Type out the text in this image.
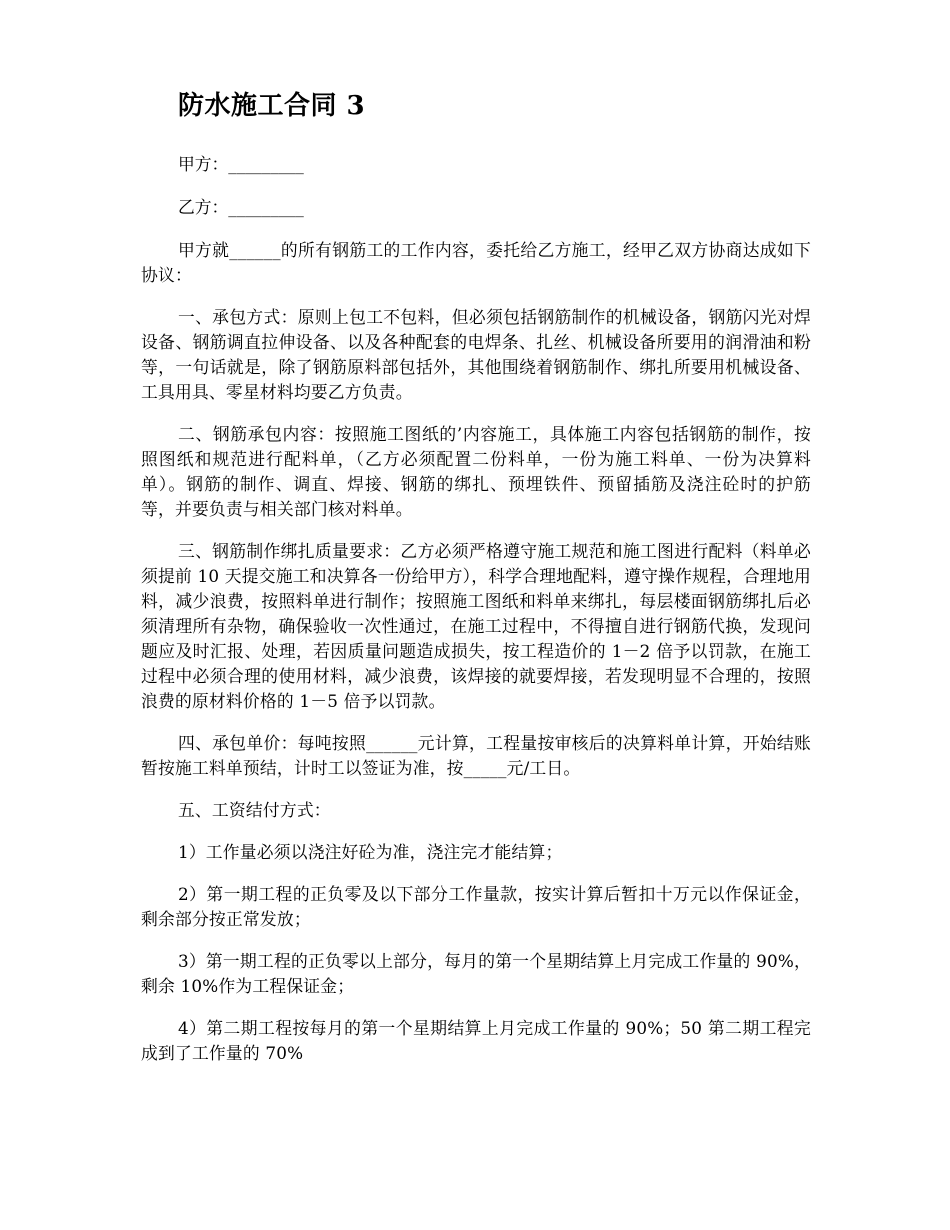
防水施工合同 3

甲方：_________

乙方：_________

甲方就______的所有钢筋工的工作内容，委托给乙方施工，经甲乙双方协商达成如下协议：

一、承包方式：原则上包工不包料，但必须包括钢筋制作的机械设备，钢筋闪光对焊设备、钢筋调直拉伸设备、以及各种配套的电焊条、扎丝、机械设备所要用的润滑油和粉等，一句话就是，除了钢筋原料部包括外，其他围绕着钢筋制作、绑扎所要用机械设备、工具用具、零星材料均要乙方负责。

二、钢筋承包内容：按照施工图纸的’内容施工，具体施工内容包括钢筋的制作，按照图纸和规范进行配料单，（乙方必须配置二份料单，一份为施工料单、一份为决算料单）。钢筋的制作、调直、焊接、钢筋的绑扎、预埋铁件、预留插筋及浇注砼时的护筋等，并要负责与相关部门核对料单。

三、钢筋制作绑扎质量要求：乙方必须严格遵守施工规范和施工图进行配料（料单必须提前 10 天提交施工和决算各一份给甲方），科学合理地配料，遵守操作规程，合理地用料，减少浪费，按照料单进行制作；按照施工图纸和料单来绑扎，每层楼面钢筋绑扎后必须清理所有杂物，确保验收一次性通过，在施工过程中，不得擅自进行钢筋代换，发现问题应及时汇报、处理，若因质量问题造成损失，按工程造价的 1－2 倍予以罚款，在施工过程中必须合理的使用材料，减少浪费，该焊接的就要焊接，若发现明显不合理的，按照浪费的原材料价格的 1－5 倍予以罚款。

四、承包单价：每吨按照______元计算，工程量按审核后的决算料单计算，开始结账暂按施工料单预结，计时工以签证为准，按_____元/工日。

五、工资结付方式：

1）工作量必须以浇注好砼为准，浇注完才能结算；

2）第一期工程的正负零及以下部分工作量款，按实计算后暂扣十万元以作保证金，剩余部分按正常发放；

3）第一期工程的正负零以上部分，每月的第一个星期结算上月完成工作量的 90%，剩余 10%作为工程保证金；

4）第二期工程按每月的第一个星期结算上月完成工作量的 90%；50 第二期工程完成到了工作量的 70%
